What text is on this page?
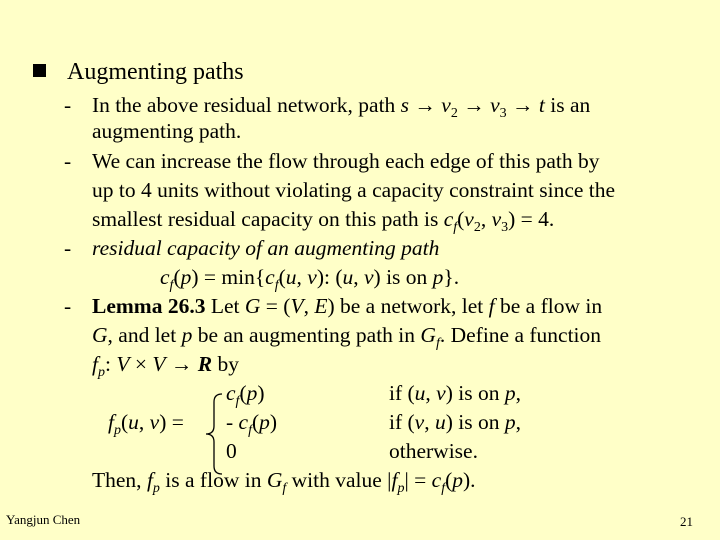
Augmenting paths
- In the above residual network, path $s \to v_2 \to v_3 \to t$ is an
augmenting path.
- We can increase the flow through each edge of this path by
up to 4 units without violating a capacity constraint since the
smallest residual capacity on this path is $c_f(v_2$, $v_3) = 4$.
- residual capacity of an augmenting path
$c_f(p) = \min\{c_f(u$, v): (u, v) is on p}.
- Lemma 26.3 Let G = (V, E) be a network, let f be a flow in
G, and let p be an augmenting path in $G_f$. Define a function
$f_p$: V × V → R by
$f_p(u$, v) =
$c_f(p)$	if (u, v) is on p,
- $c_f(p)$	if (v, u) is on p,
0	otherwise.
Then, $f_p$ is a flow in $G_f$ with value $|f_p| = c_f(p)$.
Yangjun Chen	21
